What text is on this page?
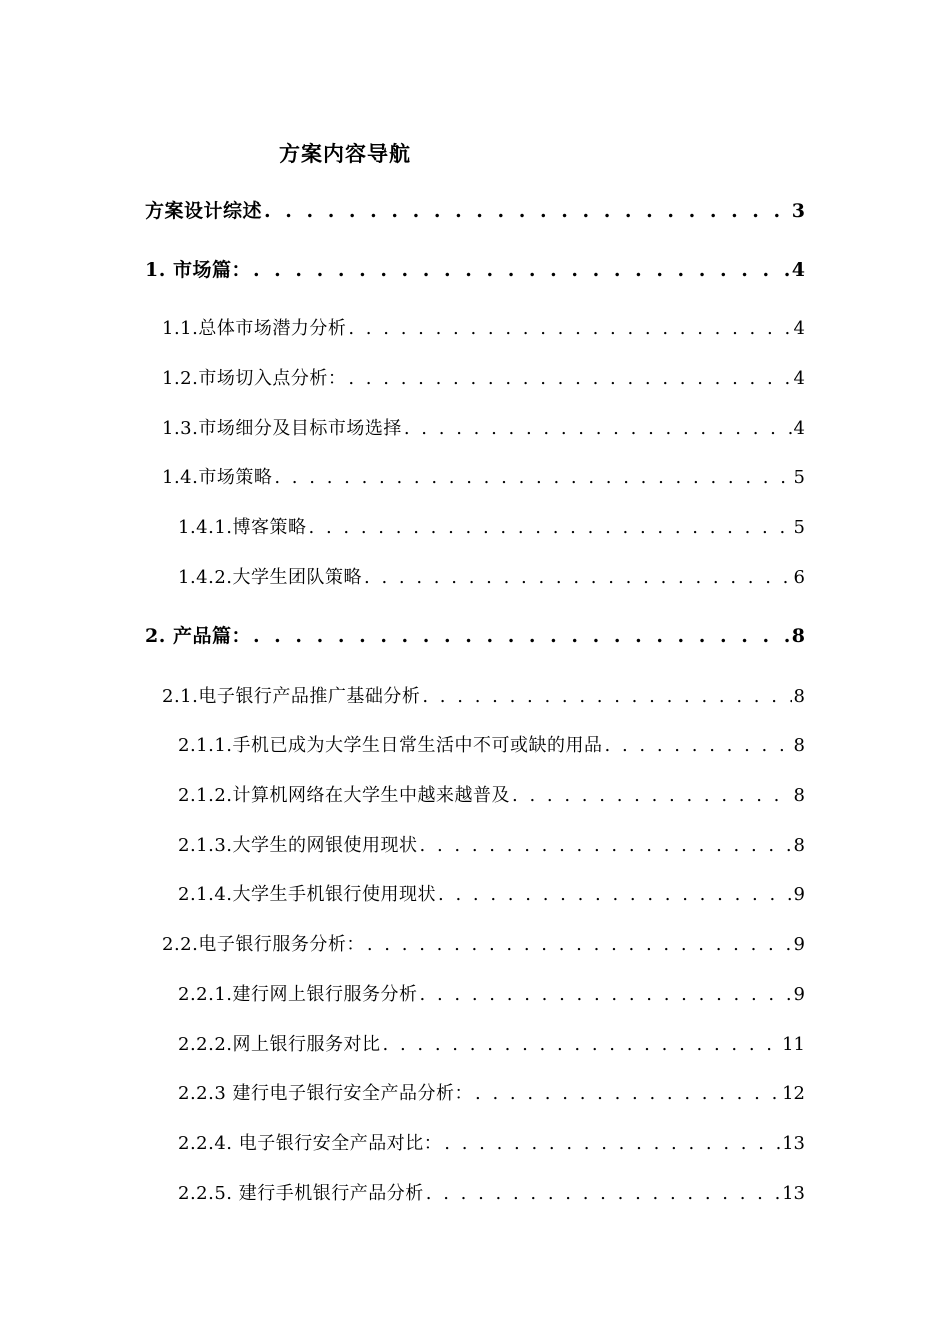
方案内容导航
方案设计综述 . . .	3
1. 市场篇： . . .	4
1.1.总体市场潜力分析 . . .	4
1.2.市场切入点分析： . . .	4
1.3.市场细分及目标市场选择 . . .	4
1.4.市场策略 . . .	5
1.4.1.博客策略 . . .	5
1.4.2.大学生团队策略 . . .	6
2. 产品篇： . . .	8
2.1.电子银行产品推广基础分析 . . .	8
2.1.1.手机已成为大学生日常生活中不可或缺的用品 . . .	8
2.1.2.计算机网络在大学生中越来越普及 . . .	8
2.1.3.大学生的网银使用现状 . . .	8
2.1.4.大学生手机银行使用现状 . . .	9
2.2.电子银行服务分析： . . .	9
2.2.1.建行网上银行服务分析 . . .	9
2.2.2.网上银行服务对比 . . .	11
2.2.3 建行电子银行安全产品分析： . . .	12
2.2.4. 电子银行安全产品对比： . . .	13
2.2.5. 建行手机银行产品分析 . . .	13
